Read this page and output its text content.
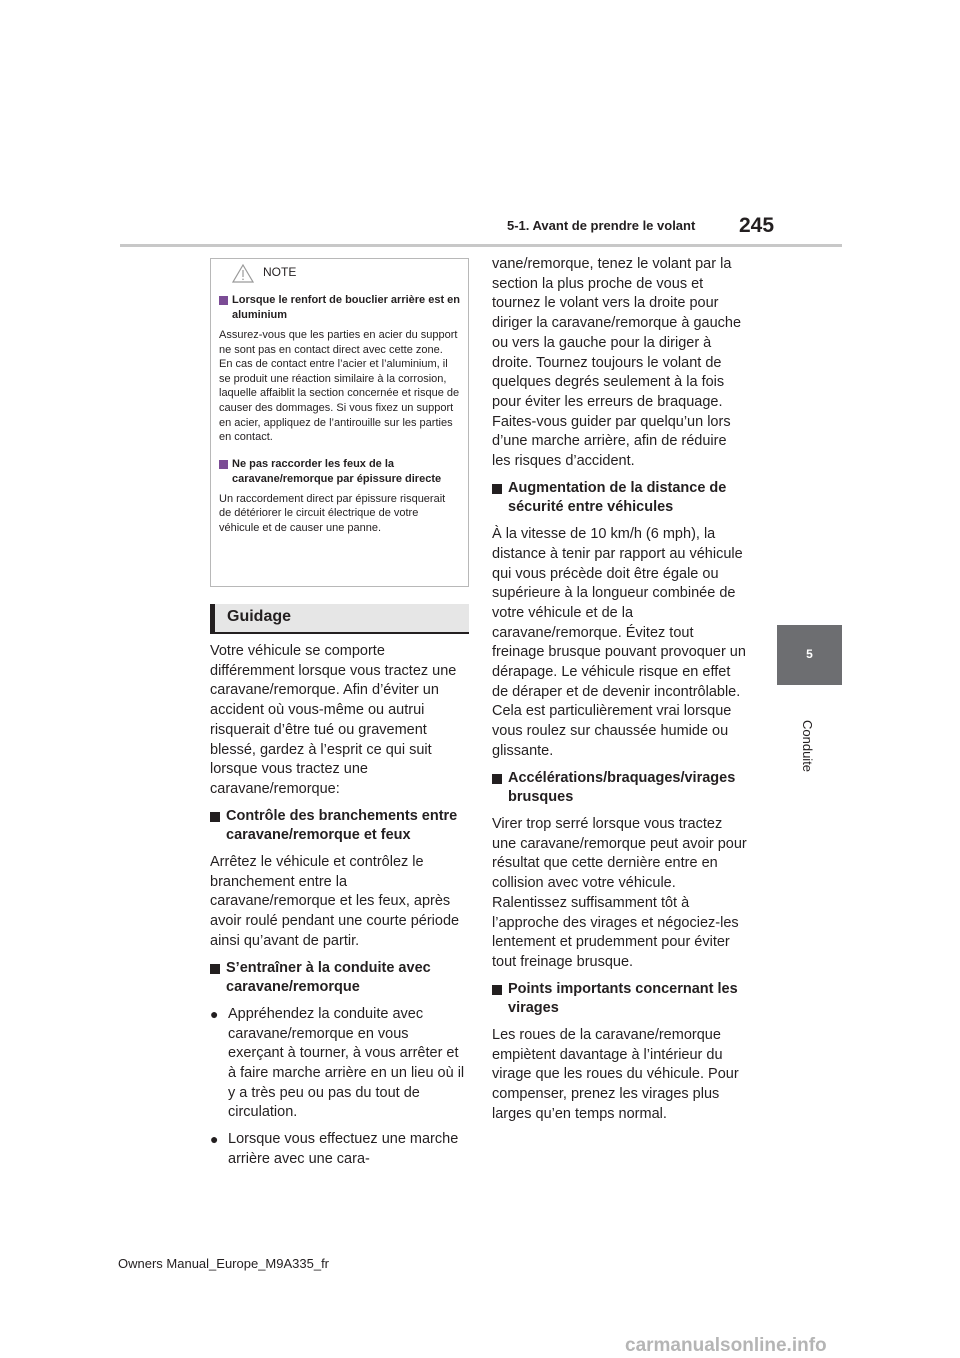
5-1. Avant de prendre le volant 245
5
Conduite
NOTE
Lorsque le renfort de bouclier arrière est en aluminium
Assurez-vous que les parties en acier du support ne sont pas en contact direct avec cette zone.
En cas de contact entre l’acier et l’aluminium, il se produit une réaction similaire à la corrosion, laquelle affaiblit la section concernée et risque de causer des dommages. Si vous fixez un support en acier, appliquez de l’antirouille sur les parties en contact.
Ne pas raccorder les feux de la caravane/remorque par épissure directe
Un raccordement direct par épissure risquerait de détériorer le circuit électrique de votre véhicule et de causer une panne.
Guidage

Votre véhicule se comporte différemment lorsque vous tractez une caravane/remorque. Afin d’éviter un accident où vous-même ou autrui risquerait d’être tué ou gravement blessé, gardez à l’esprit ce qui suit lorsque vous tractez une caravane/remorque:

Contrôle des branchements entre caravane/remorque et feux

Arrêtez le véhicule et contrôlez le branchement entre la caravane/remorque et les feux, après avoir roulé pendant une courte période ainsi qu’avant de partir.

S’entraîner à la conduite avec caravane/remorque
● Appréhendez la conduite avec caravane/remorque en vous exerçant à tourner, à vous arrêter et à faire marche arrière en un lieu où il y a très peu ou pas du tout de circulation.
● Lorsque vous effectuez une marche arrière avec une cara-

vane/remorque, tenez le volant par la section la plus proche de vous et tournez le volant vers la droite pour diriger la caravane/remorque à gauche ou vers la gauche pour la diriger à droite. Tournez toujours le volant de quelques degrés seulement à la fois pour éviter les erreurs de braquage. Faites-vous guider par quelqu’un lors d’une marche arrière, afin de réduire les risques d’accident.

Augmentation de la distance de sécurité entre véhicules

À la vitesse de 10 km/h (6 mph), la distance à tenir par rapport au véhicule qui vous précède doit être égale ou supérieure à la longueur combinée de votre véhicule et de la caravane/remorque. Évitez tout freinage brusque pouvant provoquer un dérapage. Le véhicule risque en effet de déraper et de devenir incontrôlable. Cela est particulièrement vrai lorsque vous roulez sur chaussée humide ou glissante.

Accélérations/braquages/virages brusques

Virer trop serré lorsque vous tractez une caravane/remorque peut avoir pour résultat que cette dernière entre en collision avec votre véhicule. Ralentissez suffisamment tôt à l’approche des virages et négociez-les lentement et prudemment pour éviter tout freinage brusque.

Points importants concernant les virages

Les roues de la caravane/remorque empiètent davantage à l’intérieur du virage que les roues du véhicule. Pour compenser, prenez les virages plus larges qu’en temps normal.

Owners Manual_Europe_M9A335_fr
carmanualsonline.info
